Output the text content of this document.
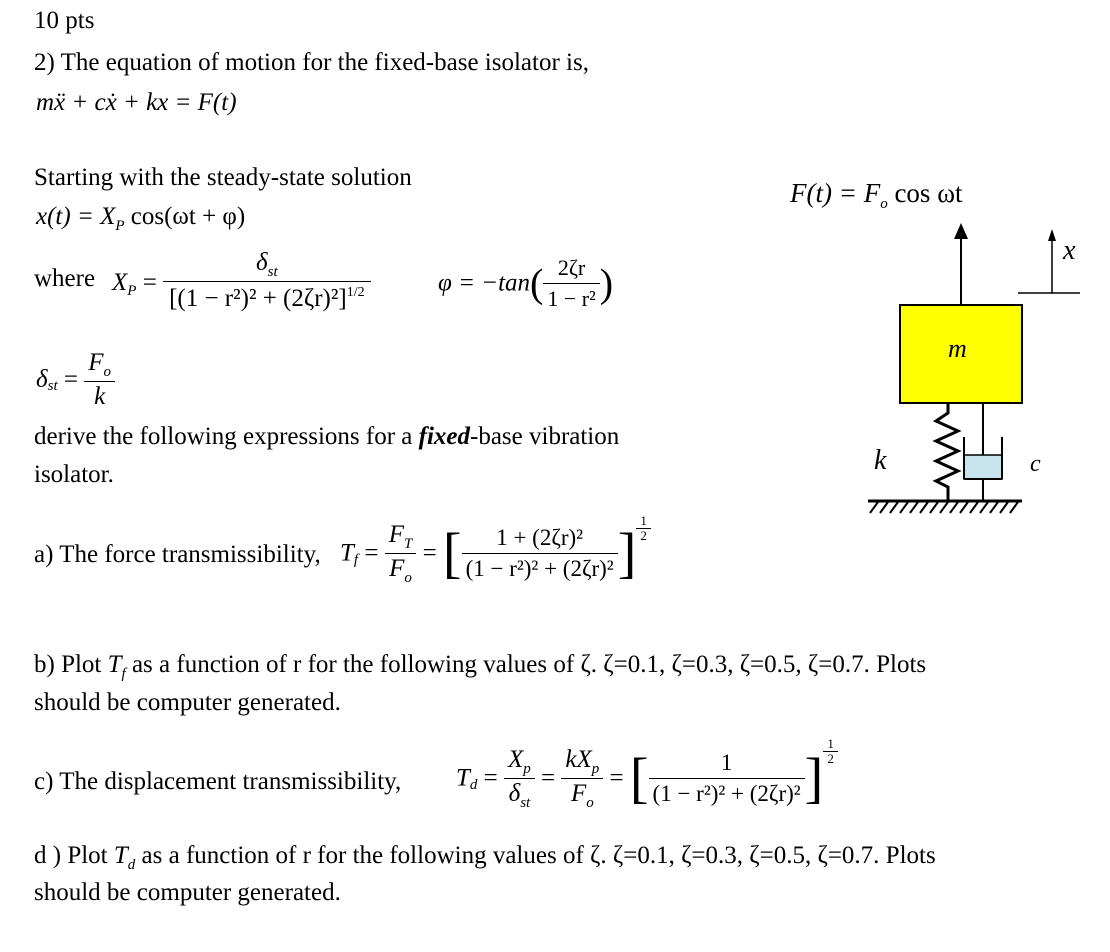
10 pts
2) The equation of motion for the fixed-base isolator is,
mẍ + cẋ + kx = F(t)
Starting with the steady-state solution
$x(t) = X_P$ cos(ωt + φ)
where $X_P = \frac{\delta_{st}}{[(1 - r^2)^2 + (2\zeta r)^2]^{1/2}}$	$\varphi = -\tan( \frac{2\zeta r}{\text{1 − r²}}$ )
$\delta_{st} = \frac{F_o}{k}$
derive the following expressions for a fixed-base vibration
isolator.
a) The force transmissibility, $T_f = \frac{F_T}{F_o}$ = [ $\frac{\text{1 + (2ζr)²}}{\text{(1 − r²)² + (2ζr)²}}$ ] $\frac{1}{2}$
b) Plot $T_f$ as a function of r for the following values of ζ. ζ=0.1, ζ=0.3, ζ=0.5, ζ=0.7. Plots
should be computer generated.
c) The displacement transmissibility, $T_d = \frac{X_p}{\delta_{st}} = \frac{kX_p}{F_o}$ = [ $\frac{1}{\text{(1 − r²)² + (2ζr)²}}$ ] $\frac{1}{2}$
d ) Plot $T_d$ as a function of r for the following values of ζ. ζ=0.1, ζ=0.3, ζ=0.5, ζ=0.7. Plots
should be computer generated.
$F(t) = F_o$ cos ωt
x
m
k	c
